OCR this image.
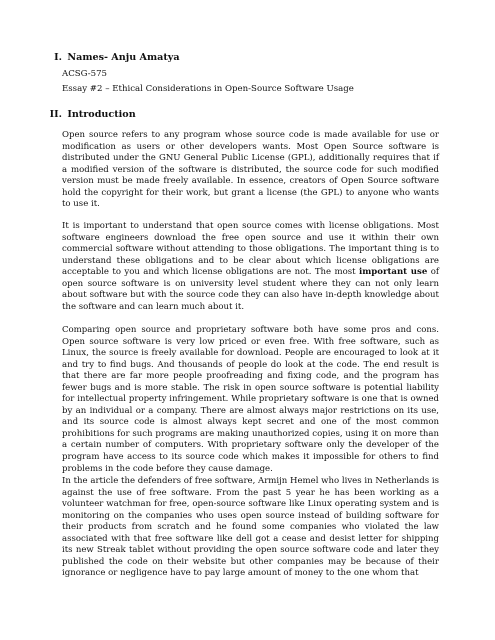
I. Names- Anju Amatya
ACSG-575
Essay #2 – Ethical Considerations in Open-Source Software Usage
II. Introduction

Open source refers to any program whose source code is made available for use or modification as users or other developers wants. Most Open Source software is distributed under the GNU General Public License (GPL), additionally requires that if a modified version of the software is distributed, the source code for such modified version must be made freely available. In essence, creators of Open Source software hold the copyright for their work, but grant a license (the GPL) to anyone who wants to use it.

It is important to understand that open source comes with license obligations. Most software engineers download the free open source and use it within their own commercial software without attending to those obligations. The important thing is to understand these obligations and to be clear about which license obligations are acceptable to you and which license obligations are not. The most important use of open source software is on university level student where they can not only learn about software but with the source code they can also have in-depth knowledge about the software and can learn much about it.

Comparing open source and proprietary software both have some pros and cons. Open source software is very low priced or even free. With free software, such as Linux, the source is freely available for download. People are encouraged to look at it and try to find bugs. And thousands of people do look at the code. The end result is that there are far more people proofreading and fixing code, and the program has fewer bugs and is more stable. The risk in open source software is potential liability for intellectual property infringement. While proprietary software is one that is owned by an individual or a company. There are almost always major restrictions on its use, and its source code is almost always kept secret and one of the most common prohibitions for such programs are making unauthorized copies, using it on more than a certain number of computers. With proprietary software only the developer of the program have access to its source code which makes it impossible for others to find problems in the code before they cause damage.

In the article the defenders of free software, Armijn Hemel who lives in Netherlands is against the use of free software. From the past 5 year he has been working as a volunteer watchman for free, open-source software like Linux operating system and is monitoring on the companies who uses open source instead of building software for their products from scratch and he found some companies who violated the law associated with that free software like dell got a cease and desist letter for shipping its new Streak tablet without providing the open source software code and later they published the code on their website but other companies may be because of their ignorance or negligence have to pay large amount of money to the one whom that
